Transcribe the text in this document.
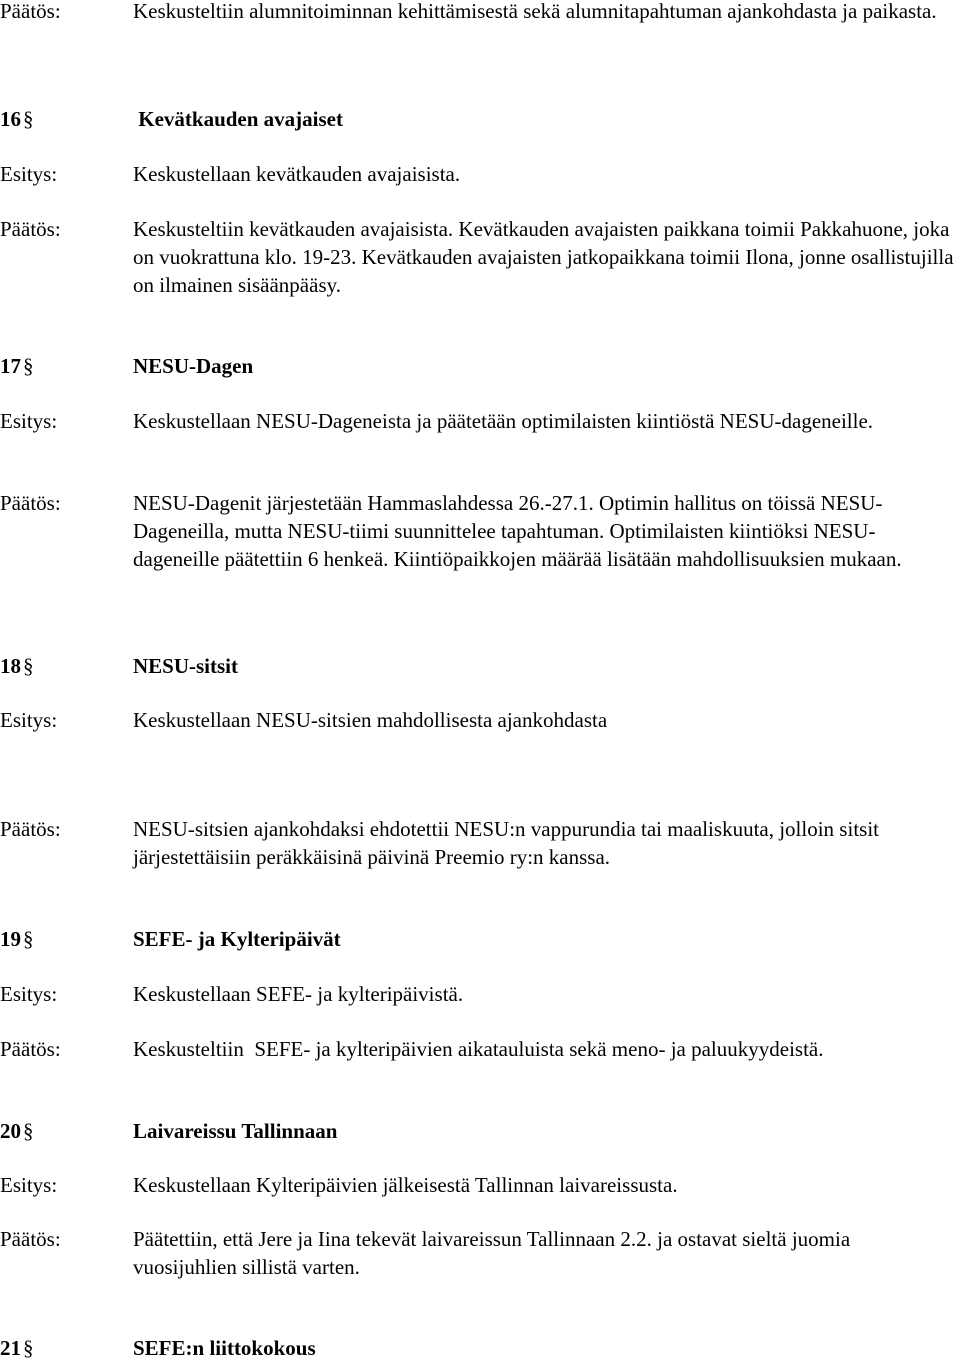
Päätös:	Keskusteltiin alumnitoiminnan kehittämisestä sekä alumnitapahtuman ajankohdasta ja paikasta.
16§	Kevätkauden avajaiset
Esitys:	Keskustellaan kevätkauden avajaisista.
Päätös:	Keskusteltiin kevätkauden avajaisista. Kevätkauden avajaisten paikkana toimii Pakkahuone, joka on vuokrattuna klo. 19-23. Kevätkauden avajaisten jatkopaikkana toimii Ilona, jonne osallistujilla on ilmainen sisäänpääsy.
17§	NESU-Dagen
Esitys:	Keskustellaan NESU-Dageneista ja päätetään optimilaisten kiintiöstä NESU-dageneille.
Päätös:	NESU-Dagenit järjestetään Hammaslahdessa 26.-27.1. Optimin hallitus on töissä NESU-Dageneilla, mutta NESU-tiimi suunnittelee tapahtuman. Optimilaisten kiintiöksi NESU-dageneille päätettiin 6 henkeä. Kiintiöpaikkojen määrää lisätään mahdollisuuksien mukaan.
18§	NESU-sitsit
Esitys:	Keskustellaan NESU-sitsien mahdollisesta ajankohdasta
Päätös:	NESU-sitsien ajankohdaksi ehdotettii NESU:n vappurundia tai maaliskuuta, jolloin sitsit järjestettäisiin peräkkäisinä päivinä Preemio ry:n kanssa.
19§	SEFE- ja Kylteripäivät
Esitys:	Keskustellaan SEFE- ja kylteripäivistä.
Päätös:	Keskusteltiin  SEFE- ja kylteripäivien aikatauluista sekä meno- ja paluukyydeistä.
20§	Laivareissu Tallinnaan
Esitys:	Keskustellaan Kylteripäivien jälkeisestä Tallinnan laivareissusta.
Päätös:	Päätettiin, että Jere ja Iina tekevät laivareissun Tallinnaan 2.2. ja ostavat sieltä juomia vuosijuhlien sillistä varten.
21§	SEFE:n liittokokous
